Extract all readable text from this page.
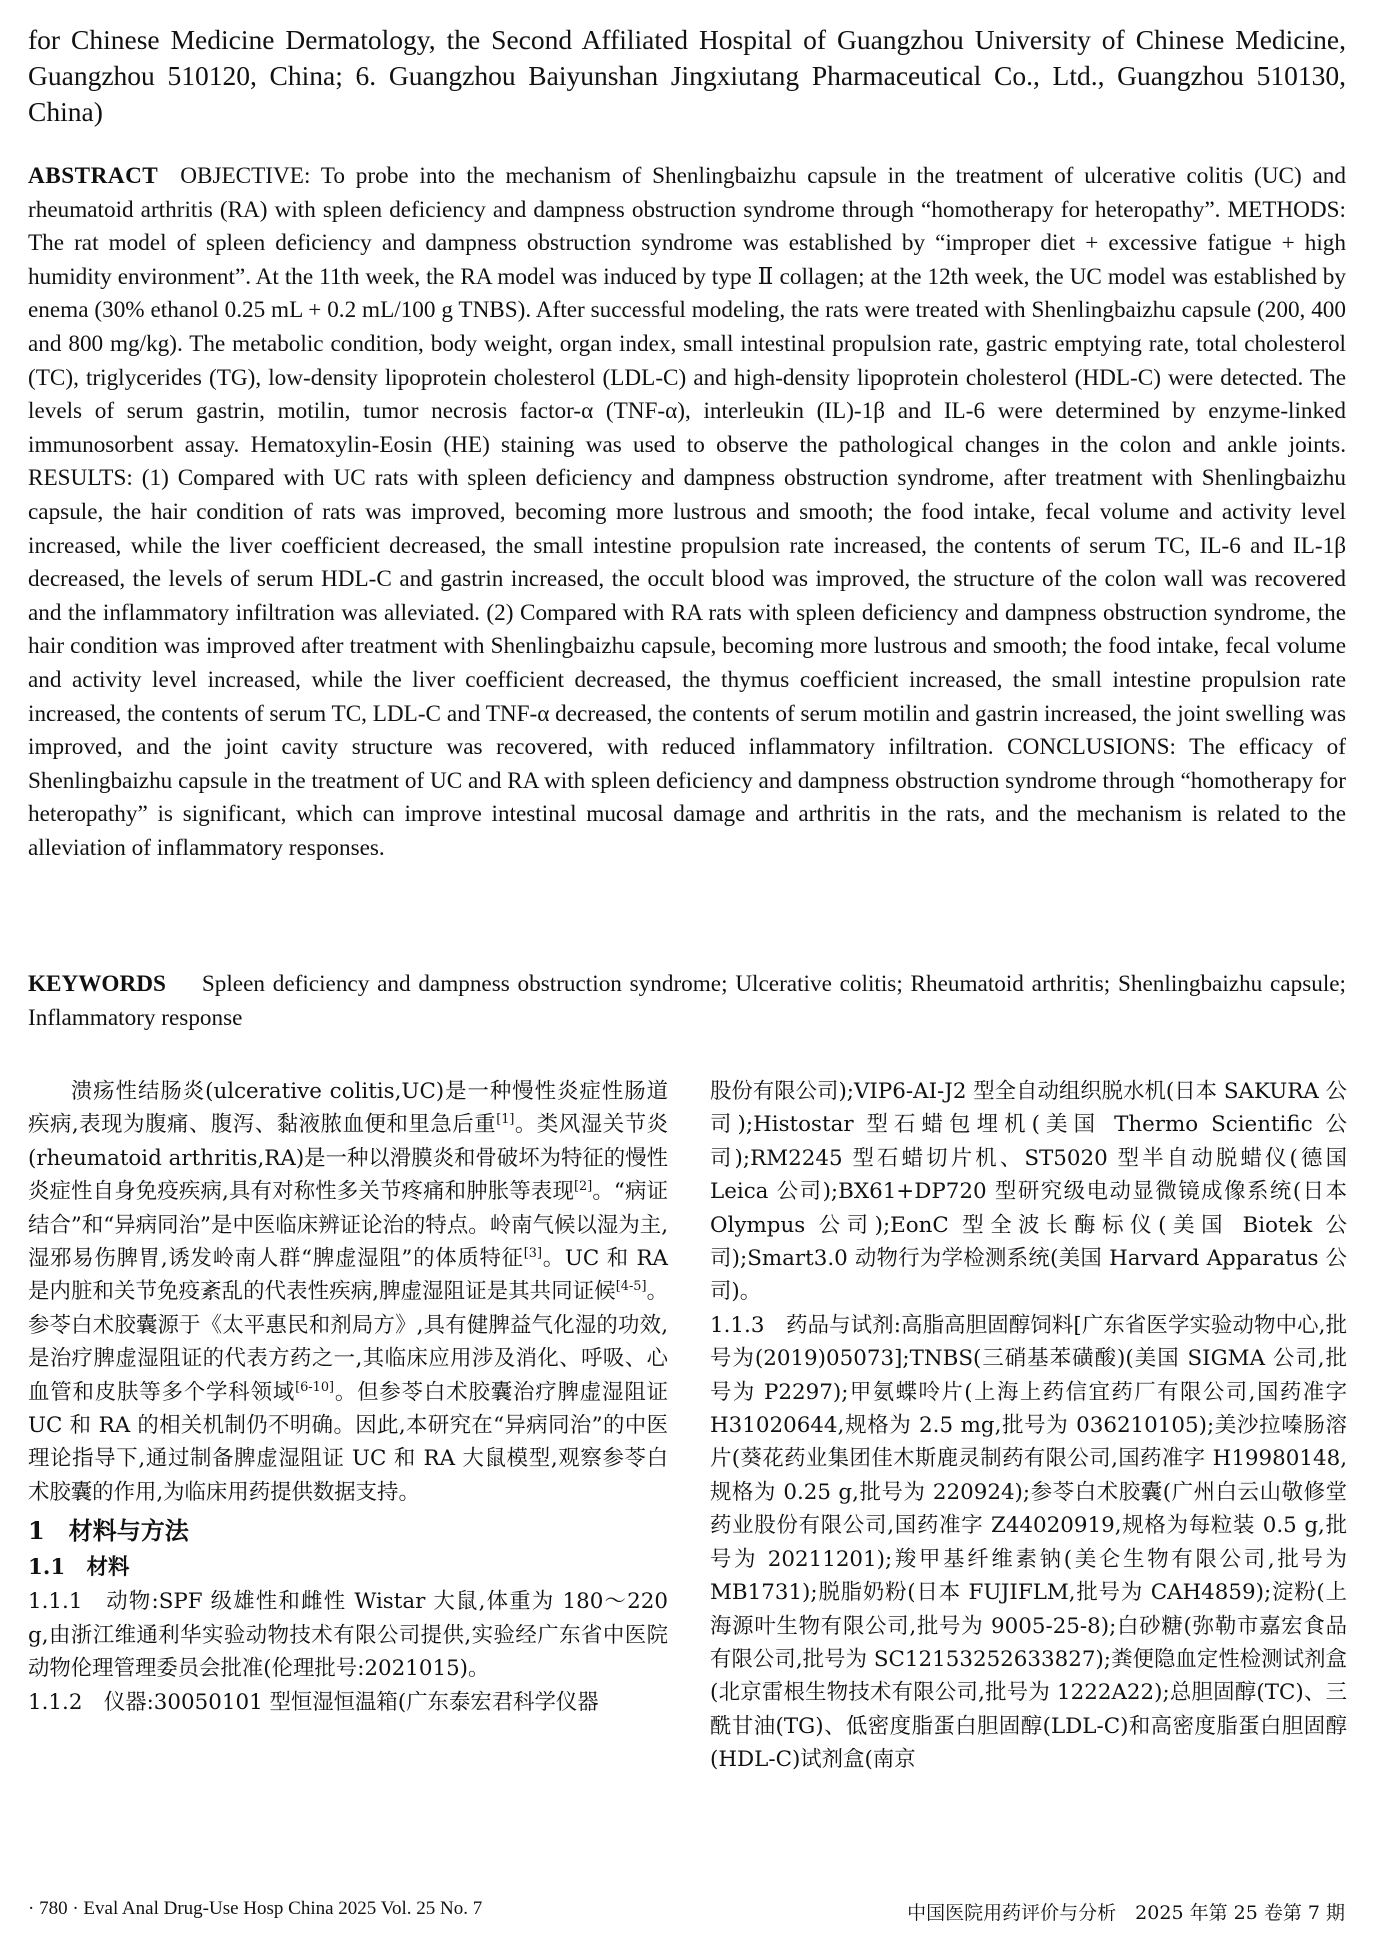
for Chinese Medicine Dermatology, the Second Affiliated Hospital of Guangzhou University of Chinese Medicine, Guangzhou 510120, China; 6. Guangzhou Baiyunshan Jingxiutang Pharmaceutical Co., Ltd., Guangzhou 510130, China)
ABSTRACT OBJECTIVE: To probe into the mechanism of Shenlingbaizhu capsule in the treatment of ulcerative colitis (UC) and rheumatoid arthritis (RA) with spleen deficiency and dampness obstruction syndrome through “homotherapy for heteropathy”. METHODS: The rat model of spleen deficiency and dampness obstruction syndrome was established by “improper diet + excessive fatigue + high humidity environment”. At the 11th week, the RA model was induced by type Ⅱ collagen; at the 12th week, the UC model was established by enema (30% ethanol 0.25 mL + 0.2 mL/100 g TNBS). After successful modeling, the rats were treated with Shenlingbaizhu capsule (200, 400 and 800 mg/kg). The metabolic condition, body weight, organ index, small intestinal propulsion rate, gastric emptying rate, total cholesterol (TC), triglycerides (TG), low-density lipoprotein cholesterol (LDL-C) and high-density lipoprotein cholesterol (HDL-C) were detected. The levels of serum gastrin, motilin, tumor necrosis factor-α (TNF-α), interleukin (IL)-1β and IL-6 were determined by enzyme-linked immunosorbent assay. Hematoxylin-Eosin (HE) staining was used to observe the pathological changes in the colon and ankle joints. RESULTS: (1) Compared with UC rats with spleen deficiency and dampness obstruction syndrome, after treatment with Shenlingbaizhu capsule, the hair condition of rats was improved, becoming more lustrous and smooth; the food intake, fecal volume and activity level increased, while the liver coefficient decreased, the small intestine propulsion rate increased, the contents of serum TC, IL-6 and IL-1β decreased, the levels of serum HDL-C and gastrin increased, the occult blood was improved, the structure of the colon wall was recovered and the inflammatory infiltration was alleviated. (2) Compared with RA rats with spleen deficiency and dampness obstruction syndrome, the hair condition was improved after treatment with Shenlingbaizhu capsule, becoming more lustrous and smooth; the food intake, fecal volume and activity level increased, while the liver coefficient decreased, the thymus coefficient increased, the small intestine propulsion rate increased, the contents of serum TC, LDL-C and TNF-α decreased, the contents of serum motilin and gastrin increased, the joint swelling was improved, and the joint cavity structure was recovered, with reduced inflammatory infiltration. CONCLUSIONS: The efficacy of Shenlingbaizhu capsule in the treatment of UC and RA with spleen deficiency and dampness obstruction syndrome through “homotherapy for heteropathy” is significant, which can improve intestinal mucosal damage and arthritis in the rats, and the mechanism is related to the alleviation of inflammatory responses.
KEYWORDS Spleen deficiency and dampness obstruction syndrome; Ulcerative colitis; Rheumatoid arthritis; Shenlingbaizhu capsule; Inflammatory response

溃疡性结肠炎(ulcerative colitis,UC)是一种慢性炎症性肠道疾病,表现为腹痛、腹泻、黏液脓血便和里急后重[1]。类风湿关节炎(rheumatoid arthritis,RA)是一种以滑膜炎和骨破坏为特征的慢性炎症性自身免疫疾病,具有对称性多关节疼痛和肿胀等表现[2]。“病证结合”和“异病同治”是中医临床辨证论治的特点。岭南气候以湿为主,湿邪易伤脾胃,诱发岭南人群“脾虚湿阻”的体质特征[3]。UC 和 RA 是内脏和关节免疫紊乱的代表性疾病,脾虚湿阻证是其共同证候[4-5]。参苓白术胶囊源于《太平惠民和剂局方》,具有健脾益气化湿的功效,是治疗脾虚湿阻证的代表方药之一,其临床应用涉及消化、呼吸、心血管和皮肤等多个学科领域[6-10]。但参苓白术胶囊治疗脾虚湿阻证 UC 和 RA 的相关机制仍不明确。因此,本研究在“异病同治”的中医理论指导下,通过制备脾虚湿阻证 UC 和 RA 大鼠模型,观察参苓白术胶囊的作用,为临床用药提供数据支持。

1　材料与方法

1.1　材料

1.1.1　动物:SPF 级雄性和雌性 Wistar 大鼠,体重为 180～220 g,由浙江维通利华实验动物技术有限公司提供,实验经广东省中医院动物伦理管理委员会批准(伦理批号:2021015)。

1.1.2　仪器:30050101 型恒湿恒温箱(广东泰宏君科学仪器

股份有限公司);VIP6-AI-J2 型全自动组织脱水机(日本 SAKURA 公司);Histostar 型石蜡包埋机(美国 Thermo Scientific 公司);RM2245 型石蜡切片机、ST5020 型半自动脱蜡仪(德国 Leica 公司);BX61+DP720 型研究级电动显微镜成像系统(日本 Olympus 公司);EonC 型全波长酶标仪(美国 Biotek 公司);Smart3.0 动物行为学检测系统(美国 Harvard Apparatus 公司)。

1.1.3　药品与试剂:高脂高胆固醇饲料[广东省医学实验动物中心,批号为(2019)05073];TNBS(三硝基苯磺酸)(美国 SIGMA 公司,批号为 P2297);甲氨蝶呤片(上海上药信宜药厂有限公司,国药准字 H31020644,规格为 2.5 mg,批号为 036210105);美沙拉嗪肠溶片(葵花药业集团佳木斯鹿灵制药有限公司,国药准字 H19980148,规格为 0.25 g,批号为 220924);参苓白术胶囊(广州白云山敬修堂药业股份有限公司,国药准字 Z44020919,规格为每粒装 0.5 g,批号为 20211201);羧甲基纤维素钠(美仑生物有限公司,批号为 MB1731);脱脂奶粉(日本 FUJIFLM,批号为 CAH4859);淀粉(上海源叶生物有限公司,批号为 9005-25-8);白砂糖(弥勒市嘉宏食品有限公司,批号为 SC12153252633827);粪便隐血定性检测试剂盒(北京雷根生物技术有限公司,批号为 1222A22);总胆固醇(TC)、三酰甘油(TG)、低密度脂蛋白胆固醇(LDL-C)和高密度脂蛋白胆固醇(HDL-C)试剂盒(南京

· 780 · Eval Anal Drug-Use Hosp China 2025 Vol. 25 No. 7	中国医院用药评价与分析　2025 年第 25 卷第 7 期
